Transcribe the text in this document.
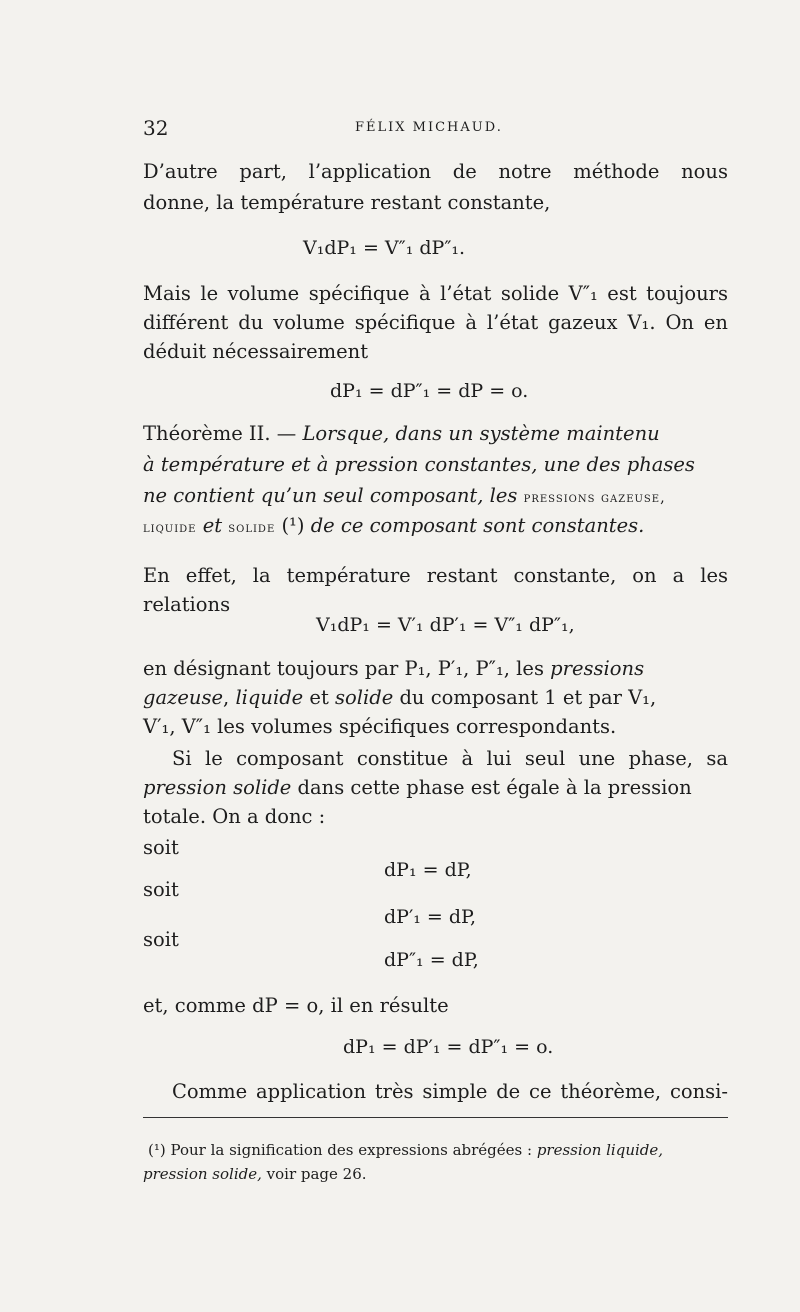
32	FÉLIX MICHAUD.
D’autre part, l’application de notre méthode nous
donne, la température restant constante,
V₁dP₁ = V″₁ dP″₁.
Mais le volume spécifique à l’état solide V″₁ est toujours
différent du volume spécifique à l’état gazeux V₁. On en
déduit nécessairement
dP₁ = dP″₁ = dP = o.
Théorème II. — Lorsque, dans un système maintenu
à température et à pression constantes, une des phases
ne contient qu’un seul composant, les pressions gazeuse,
liquide et solide (¹) de ce composant sont constantes.
En effet, la température restant constante, on a les
relations
V₁dP₁ = V′₁ dP′₁ = V″₁ dP″₁,
en désignant toujours par P₁, P′₁, P″₁, les pressions
gazeuse, liquide et solide du composant 1 et par V₁,
V′₁, V″₁ les volumes spécifiques correspondants.
Si le composant constitue à lui seul une phase, sa
pression solide dans cette phase est égale à la pression
totale. On a donc :
soit
dP₁ = dP,
soit
dP′₁ = dP,
soit
dP″₁ = dP,
et, comme dP = o, il en résulte
dP₁ = dP′₁ = dP″₁ = o.
Comme application très simple de ce théorème, consi-
(¹) Pour la signification des expressions abrégées : pression liquide,
pression solide, voir page 26.
